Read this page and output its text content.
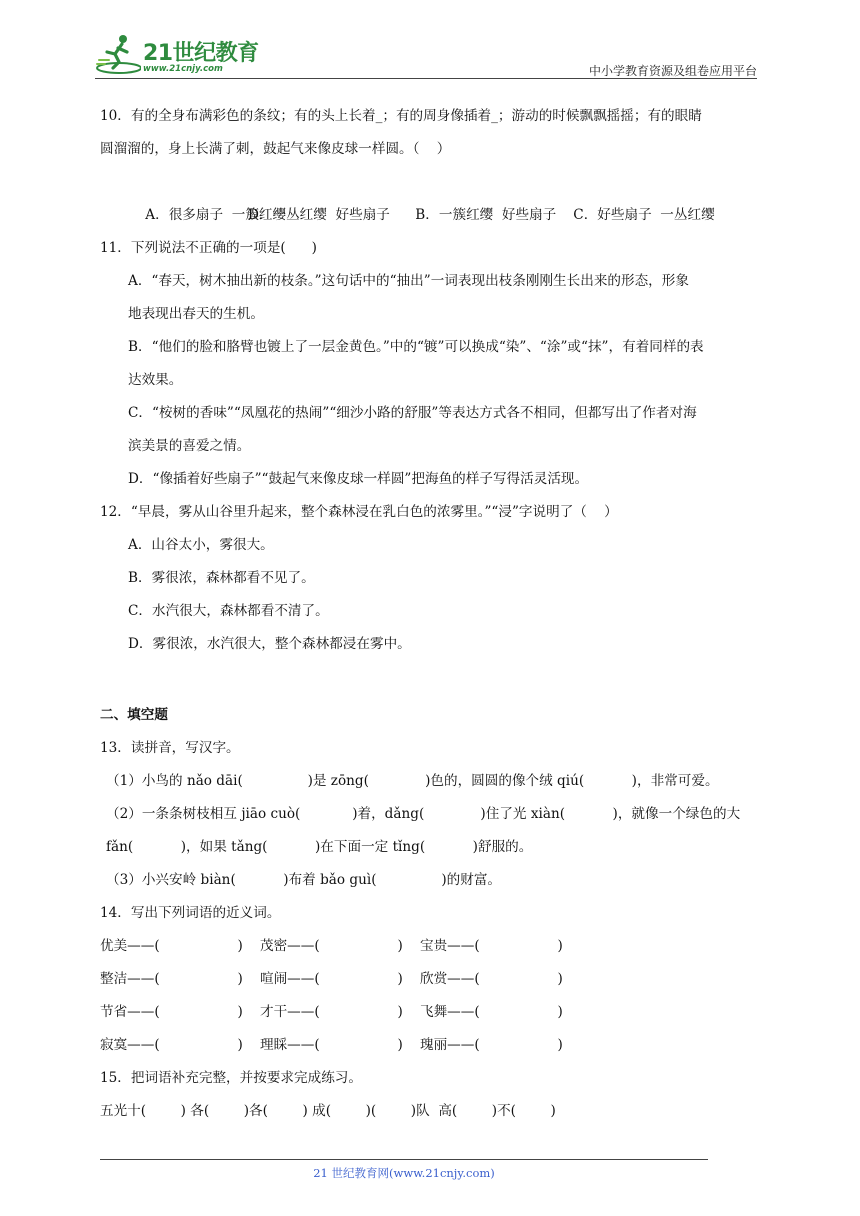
21世纪教育
www.21cnjy.com	中小学教育资源及组卷应用平台
10．有的全身布满彩色的条纹；有的头上长着_；有的周身像插着_；游动的时候飘飘摇摇；有的眼睛
圆溜溜的，身上长满了刺，鼓起气来像皮球一样圆。（    ）

A．很多扇子  一簇红缨	B．一簇红缨  好些扇子 C．好些扇子  一丛红缨

D．一丛红缨  好些扇子
11．下列说法不正确的一项是(      )
A．“春天，树木抽出新的枝条。”这句话中的“抽出”一词表现出枝条刚刚生长出来的形态，形象
地表现出春天的生机。
B．“他们的脸和胳臂也镀上了一层金黄色。”中的“镀”可以换成“染”、“涂”或“抹”，有着同样的表
达效果。
C．“桉树的香味”“凤凰花的热闹”“细沙小路的舒服”等表达方式各不相同，但都写出了作者对海
滨美景的喜爱之情。
D．“像插着好些扇子”“鼓起气来像皮球一样圆”把海鱼的样子写得活灵活现。
12．“早晨，雾从山谷里升起来，整个森林浸在乳白色的浓雾里。”“浸”字说明了（    ）
A．山谷太小，雾很大。
B．雾很浓，森林都看不见了。
C．水汽很大，森林都看不清了。
D．雾很浓，水汽很大，整个森林都浸在雾中。
二、填空题
13．读拼音，写汉字。
（1）小鸟的 nǎo dāi(               )是 zōng(             )色的，圆圆的像个绒 qiú(           )，非常可爱。
（2）一条条树枝相互 jiāo cuò(            )着，dǎng(             )住了光 xiàn(           )，就像一个绿色的大
fǎn(           )，如果 tǎng(           )在下面一定 tǐng(           )舒服的。
（3）小兴安岭 biàn(           )布着 bǎo guì(               )的财富。
14．写出下列词语的近义词。
优美——(                  )	茂密——(                  )	宝贵——(                  )
整洁——(                  )	喧闹——(                  )	欣赏——(                  )
节省——(                  )	才干——(                  )	飞舞——(                  )
寂寞——(                  )	理睬——(                  )	瑰丽——(                  )
15．把词语补充完整，并按要求完成练习。
五光十(        ) 各(        )各(        ) 成(        )(        )队  高(        )不(        )
21 世纪教育网(www.21cnjy.com)
